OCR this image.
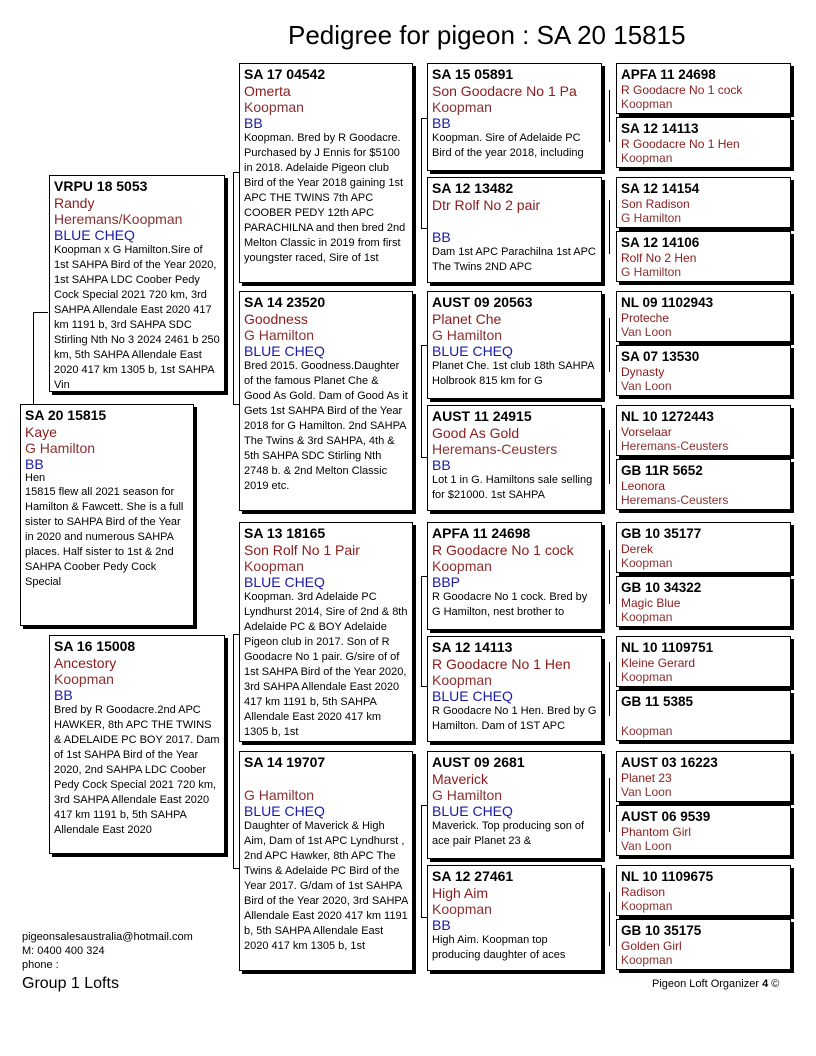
Pedigree for pigeon : SA 20 15815
SA 20 15815
Kaye
G Hamilton
BB
Hen
15815 flew all 2021 season for Hamilton & Fawcett. She is a full sister to SAHPA Bird of the Year in 2020 and numerous SAHPA places. Half sister to 1st & 2nd SAHPA Coober Pedy Cock Special
VRPU 18 5053
Randy
Heremans/Koopman
BLUE CHEQ
Koopman x G Hamilton.Sire of 1st SAHPA Bird of the Year 2020, 1st SAHPA LDC Coober Pedy Cock Special 2021 720 km, 3rd SAHPA Allendale East 2020 417 km 1191 b, 3rd SAHPA SDC Stirling Nth No 3 2024 2461 b 250 km, 5th SAHPA Allendale East 2020 417 km 1305 b, 1st SAHPA Vin
SA 16 15008
Ancestory
Koopman
BB
Bred by R Goodacre.2nd APC HAWKER, 8th APC THE TWINS & ADELAIDE PC BOY 2017. Dam of 1st SAHPA Bird of the Year 2020, 2nd SAHPA LDC Coober Pedy Cock Special 2021 720 km, 3rd SAHPA Allendale East 2020 417 km 1191 b, 5th SAHPA Allendale East 2020
SA 17 04542
Omerta
Koopman
BB
Koopman. Bred by R Goodacre. Purchased by J Ennis for $5100 in 2018. Adelaide Pigeon club Bird of the Year 2018 gaining 1st APC THE TWINS 7th APC COOBER PEDY 12th APC PARACHILNA and then bred 2nd Melton Classic in 2019 from first youngster raced, Sire of 1st
SA 14 23520
Goodness
G Hamilton
BLUE CHEQ
Bred 2015. Goodness.Daughter of the famous Planet Che & Good As Gold. Dam of Good As it Gets 1st SAHPA Bird of the Year 2018 for G Hamilton. 2nd SAHPA The Twins & 3rd SAHPA, 4th & 5th SAHPA SDC Stirling Nth 2748 b. & 2nd Melton Classic 2019 etc.
SA 13 18165
Son Rolf No 1 Pair
Koopman
BLUE CHEQ
Koopman. 3rd Adelaide PC Lyndhurst 2014, Sire of 2nd & 8th Adelaide PC & BOY Adelaide Pigeon club in 2017. Son of R Goodacre No 1 pair. G/sire of of 1st SAHPA Bird of the Year 2020, 3rd SAHPA Allendale East 2020 417 km 1191 b, 5th SAHPA Allendale East 2020 417 km 1305 b, 1st
SA 14 19707
G Hamilton
BLUE CHEQ
Daughter of Maverick & High Aim, Dam of 1st APC Lyndhurst , 2nd APC Hawker, 8th APC The Twins & Adelaide PC Bird of the Year 2017. G/dam of 1st SAHPA Bird of the Year 2020, 3rd SAHPA Allendale East 2020 417 km 1191 b, 5th SAHPA Allendale East 2020 417 km 1305 b, 1st
SA 15 05891
Son Goodacre No 1 Pa
Koopman
BB
Koopman. Sire of Adelaide PC Bird of the year 2018, including
SA 12 13482
Dtr Rolf No 2 pair
BB
Dam 1st APC Parachilna 1st APC The Twins 2ND APC
AUST 09 20563
Planet Che
G Hamilton
BLUE CHEQ
Planet Che. 1st club 18th SAHPA Holbrook 815 km for G
AUST 11 24915
Good As Gold
Heremans-Ceusters
BB
Lot 1 in G. Hamiltons sale selling for $21000. 1st SAHPA
APFA 11 24698
R Goodacre No 1 cock
Koopman
BBP
R Goodacre No 1 cock. Bred by G Hamilton, nest brother to
SA 12 14113
R Goodacre No 1 Hen
Koopman
BLUE CHEQ
R Goodacre No 1 Hen. Bred by G Hamilton. Dam of 1ST APC
AUST 09 2681
Maverick
G Hamilton
BLUE CHEQ
Maverick. Top producing son of ace pair Planet 23 &
SA 12 27461
High Aim
Koopman
BB
High Aim. Koopman top producing daughter of aces
APFA 11 24698
R Goodacre No 1 cock
Koopman
SA 12 14113
R Goodacre No 1 Hen
Koopman
SA 12 14154
Son Radison
G Hamilton
SA 12 14106
Rolf No 2 Hen
G Hamilton
NL 09 1102943
Proteche
Van Loon
SA 07 13530
Dynasty
Van Loon
NL 10 1272443
Vorselaar
Heremans-Ceusters
GB 11R 5652
Leonora
Heremans-Ceusters
GB 10 35177
Derek
Koopman
GB 10 34322
Magic Blue
Koopman
NL 10 1109751
Kleine Gerard
Koopman
GB 11 5385
Koopman
AUST 03 16223
Planet 23
Van Loon
AUST 06 9539
Phantom Girl
Van Loon
NL 10 1109675
Radison
Koopman
GB 10 35175
Golden Girl
Koopman
pigeonsalesaustralia@hotmail.com
M: 0400 400 324
phone :
Group 1 Lofts	Pigeon Loft Organizer 4 ©
